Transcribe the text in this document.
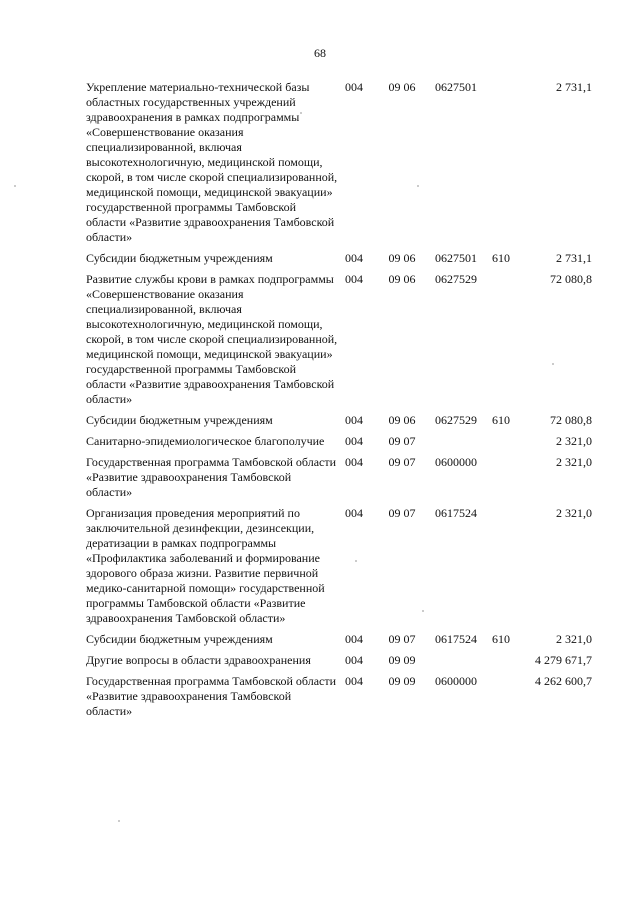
68
Укрепление материально-технической базы областных государственных учреждений здравоохранения в рамках подпрограммы «Совершенствование оказания специализированной, включая высокотехнологичную, медицинской помощи, скорой, в том числе скорой специализированной, медицинской помощи, медицинской эвакуации» государственной программы Тамбовской области «Развитие здравоохранения Тамбовской области»	004	09 06	0627501		2 731,1
Субсидии бюджетным учреждениям	004	09 06	0627501	610	2 731,1
Развитие службы крови в рамках подпрограммы «Совершенствование оказания специализированной, включая высокотехнологичную, медицинской помощи, скорой, в том числе скорой специализированной, медицинской помощи, медицинской эвакуации» государственной программы Тамбовской области «Развитие здравоохранения Тамбовской области»	004	09 06	0627529		72 080,8
Субсидии бюджетным учреждениям	004	09 06	0627529	610	72 080,8
Санитарно-эпидемиологическое благополучие	004	09 07			2 321,0
Государственная программа Тамбовской области «Развитие здравоохранения Тамбовской области»	004	09 07	0600000		2 321,0
Организация проведения мероприятий по заключительной дезинфекции, дезинсекции, дератизации в рамках подпрограммы «Профилактика заболеваний и формирование здорового образа жизни. Развитие первичной медико-санитарной помощи» государственной программы Тамбовской области «Развитие здравоохранения Тамбовской области»	004	09 07	0617524		2 321,0
Субсидии бюджетным учреждениям	004	09 07	0617524	610	2 321,0
Другие вопросы в области здравоохранения	004	09 09			4 279 671,7
Государственная программа Тамбовской области «Развитие здравоохранения Тамбовской области»	004	09 09	0600000		4 262 600,7
